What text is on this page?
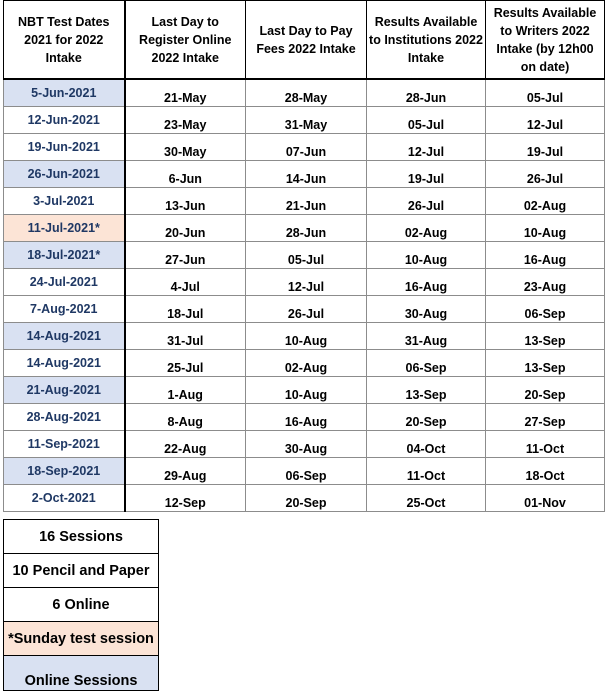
NBT Test Dates 2021 for 2022 Intake	Last Day to Register Online 2022 Intake	Last Day to Pay Fees 2022 Intake	Results Available to Institutions 2022 Intake	Results Available to Writers 2022 Intake (by 12h00 on date)
5-Jun-2021	21-May	28-May	28-Jun	05-Jul
12-Jun-2021	23-May	31-May	05-Jul	12-Jul
19-Jun-2021	30-May	07-Jun	12-Jul	19-Jul
26-Jun-2021	6-Jun	14-Jun	19-Jul	26-Jul
3-Jul-2021	13-Jun	21-Jun	26-Jul	02-Aug
11-Jul-2021*	20-Jun	28-Jun	02-Aug	10-Aug
18-Jul-2021*	27-Jun	05-Jul	10-Aug	16-Aug
24-Jul-2021	4-Jul	12-Jul	16-Aug	23-Aug
7-Aug-2021	18-Jul	26-Jul	30-Aug	06-Sep
14-Aug-2021	31-Jul	10-Aug	31-Aug	13-Sep
14-Aug-2021	25-Jul	02-Aug	06-Sep	13-Sep
21-Aug-2021	1-Aug	10-Aug	13-Sep	20-Sep
28-Aug-2021	8-Aug	16-Aug	20-Sep	27-Sep
11-Sep-2021	22-Aug	30-Aug	04-Oct	11-Oct
18-Sep-2021	29-Aug	06-Sep	11-Oct	18-Oct
2-Oct-2021	12-Sep	20-Sep	25-Oct	01-Nov
16 Sessions
10 Pencil and Paper
6 Online
*Sunday test session
Online Sessions
